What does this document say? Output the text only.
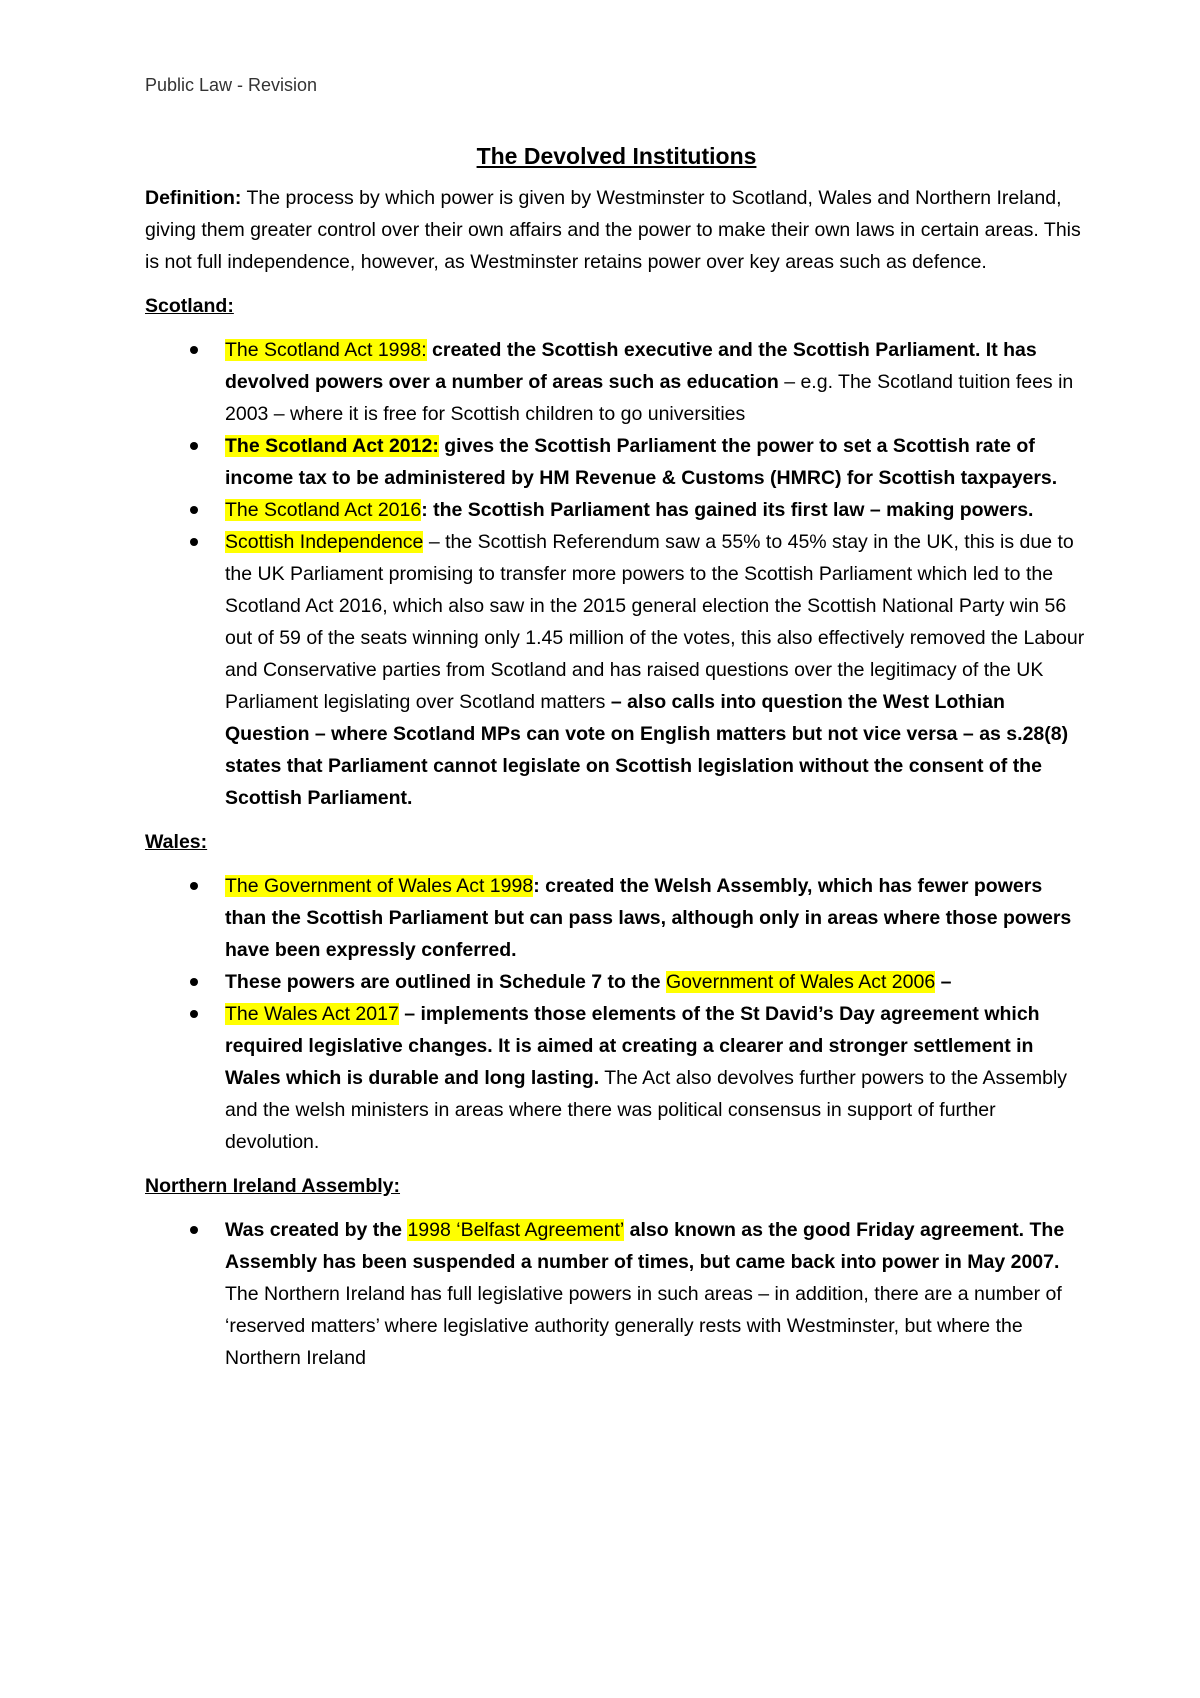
Public Law - Revision

The Devolved Institutions

Definition: The process by which power is given by Westminster to Scotland, Wales and Northern Ireland, giving them greater control over their own affairs and the power to make their own laws in certain areas. This is not full independence, however, as Westminster retains power over key areas such as defence.

Scotland:

The Scotland Act 1998: created the Scottish executive and the Scottish Parliament. It has devolved powers over a number of areas such as education – e.g. The Scotland tuition fees in 2003 – where it is free for Scottish children to go universities
The Scotland Act 2012: gives the Scottish Parliament the power to set a Scottish rate of income tax to be administered by HM Revenue & Customs (HMRC) for Scottish taxpayers.
The Scotland Act 2016: the Scottish Parliament has gained its first law – making powers.
Scottish Independence – the Scottish Referendum saw a 55% to 45% stay in the UK, this is due to the UK Parliament promising to transfer more powers to the Scottish Parliament which led to the Scotland Act 2016, which also saw in the 2015 general election the Scottish National Party win 56 out of 59 of the seats winning only 1.45 million of the votes, this also effectively removed the Labour and Conservative parties from Scotland and has raised questions over the legitimacy of the UK Parliament legislating over Scotland matters – also calls into question the West Lothian Question – where Scotland MPs can vote on English matters but not vice versa – as s.28(8) states that Parliament cannot legislate on Scottish legislation without the consent of the Scottish Parliament.

Wales:

The Government of Wales Act 1998: created the Welsh Assembly, which has fewer powers than the Scottish Parliament but can pass laws, although only in areas where those powers have been expressly conferred.
These powers are outlined in Schedule 7 to the Government of Wales Act 2006 –
The Wales Act 2017 – implements those elements of the St David’s Day agreement which required legislative changes. It is aimed at creating a clearer and stronger settlement in Wales which is durable and long lasting. The Act also devolves further powers to the Assembly and the welsh ministers in areas where there was political consensus in support of further devolution.

Northern Ireland Assembly:

Was created by the 1998 ‘Belfast Agreement’ also known as the good Friday agreement. The Assembly has been suspended a number of times, but came back into power in May 2007. The Northern Ireland has full legislative powers in such areas – in addition, there are a number of ‘reserved matters’ where legislative authority generally rests with Westminster, but where the Northern Ireland
